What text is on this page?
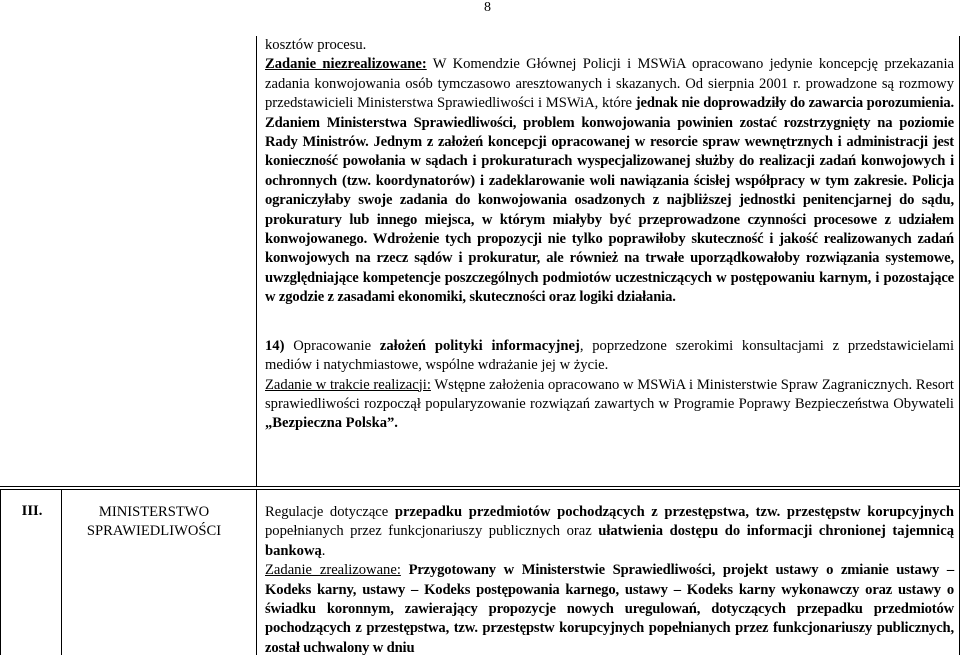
8

kosztów procesu.
Zadanie niezrealizowane: W Komendzie Głównej Policji i MSWiA opracowano jedynie koncepcję przekazania zadania konwojowania osób tymczasowo aresztowanych i skazanych. Od sierpnia 2001 r. prowadzone są rozmowy przedstawicieli Ministerstwa Sprawiedliwości i MSWiA, które jednak nie doprowadziły do zawarcia porozumienia. Zdaniem Ministerstwa Sprawiedliwości, problem konwojowania powinien zostać rozstrzygnięty na poziomie Rady Ministrów. Jednym z założeń koncepcji opracowanej w resorcie spraw wewnętrznych i administracji jest konieczność powołania w sądach i prokuraturach wyspecjalizowanej służby do realizacji zadań konwojowych i ochronnych (tzw. koordynatorów) i zadeklarowanie woli nawiązania ścisłej współpracy w tym zakresie. Policja ograniczyłaby swoje zadania do konwojowania osadzonych z najbliższej jednostki penitencjarnej do sądu, prokuratury lub innego miejsca, w którym miałyby być przeprowadzone czynności procesowe z udziałem konwojowanego. Wdrożenie tych propozycji nie tylko poprawiłoby skuteczność i jakość realizowanych zadań konwojowych na rzecz sądów i prokuratur, ale również na trwałe uporządkowałoby rozwiązania systemowe, uwzględniające kompetencje poszczególnych podmiotów uczestniczących w postępowaniu karnym, i pozostające w zgodzie z zasadami ekonomiki, skuteczności oraz logiki działania.

14) Opracowanie założeń polityki informacyjnej, poprzedzone szerokimi konsultacjami z przedstawicielami mediów i natychmiastowe, wspólne wdrażanie jej w życie.
Zadanie w trakcie realizacji: Wstępne założenia opracowano w MSWiA i Ministerstwie Spraw Zagranicznych. Resort sprawiedliwości rozpoczął popularyzowanie rozwiązań zawartych w Programie Poprawy Bezpieczeństwa Obywateli „Bezpieczna Polska”.

III.	MINISTERSTWO
SPRAWIEDLIWOŚCI

Regulacje dotyczące przepadku przedmiotów pochodzących z przestępstwa, tzw. przestępstw korupcyjnych popełnianych przez funkcjonariuszy publicznych oraz ułatwienia dostępu do informacji chronionej tajemnicą bankową.
Zadanie zrealizowane: Przygotowany w Ministerstwie Sprawiedliwości, projekt ustawy o zmianie ustawy – Kodeks karny, ustawy – Kodeks postępowania karnego, ustawy – Kodeks karny wykonawczy oraz ustawy o świadku koronnym, zawierający propozycje nowych uregulowań, dotyczących przepadku przedmiotów pochodzących z przestępstwa, tzw. przestępstw korupcyjnych popełnianych przez funkcjonariuszy publicznych, został uchwalony w dniu
